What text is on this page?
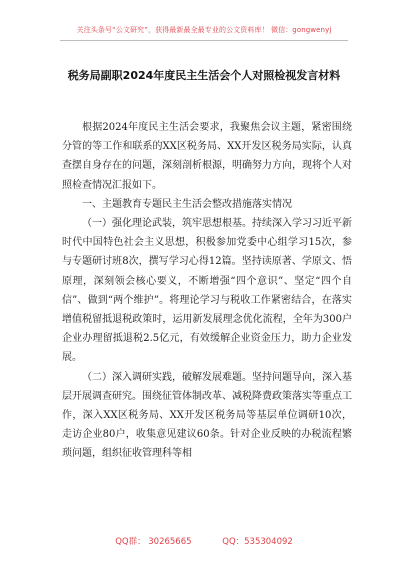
关注头条号“公文研究”，获得最新最全最专业的公文资料库！ 微信：gongwenyj
税务局副职2024年度民主生活会个人对照检视发言材料

根据2024年度民主生活会要求，我聚焦会议主题，紧密围绕分管的等工作和联系的XX区税务局、XX开发区税务局实际，认真查摆自身存在的问题，深刻剖析根源，明确努力方向，现将个人对照检查情况汇报如下。

一、主题教育专题民主生活会整改措施落实情况

（一）强化理论武装，筑牢思想根基。持续深入学习习近平新时代中国特色社会主义思想，积极参加党委中心组学习15次，参与专题研讨班8次，撰写学习心得12篇。坚持读原著、学原文、悟原理，深刻领会核心要义，不断增强“四个意识”、坚定“四个自信”、做到“两个维护”。将理论学习与税收工作紧密结合，在落实增值税留抵退税政策时，运用新发展理念优化流程，全年为300户企业办理留抵退税2.5亿元，有效缓解企业资金压力，助力企业发展。

（二）深入调研实践，破解发展难题。坚持问题导向，深入基层开展调查研究。围绕征管体制改革、减税降费政策落实等重点工作，深入XX区税务局、XX开发区税务局等基层单位调研10次，走访企业80户，收集意见建议60条。针对企业反映的办税流程繁琐问题，组织征收管理科等相

QQ群： 30265665	QQ：535304092
